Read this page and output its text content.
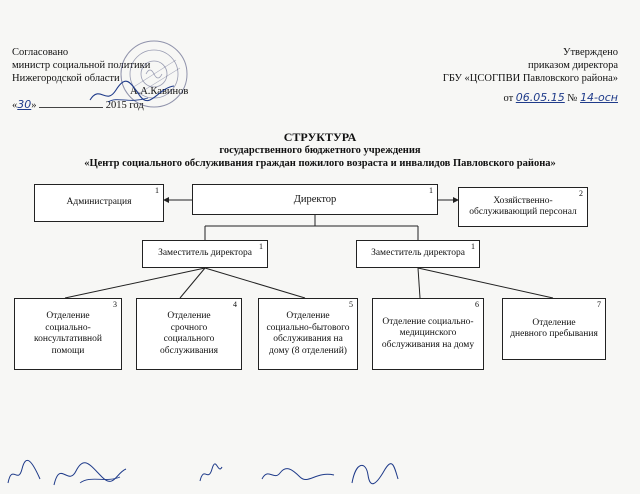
Согласовано
министр социальной политики
Нижегородской области
А.А.Кавинов
«30»	2015 год
Утверждено
приказом директора
ГБУ «ЦСОГПВИ Павловского района»
от 06.05.15 № 14-осн
СТРУКТУРА
государственного бюджетного учреждения
«Центр социального обслуживания граждан пожилого возраста и инвалидов Павловского района»
1
Администрация
1
Директор
2
Хозяйственно-
обслуживающий персонал
1
Заместитель директора
1
Заместитель директора
3
Отделение
социально-
консультативной
помощи
4
Отделение
срочного
социального
обслуживания
5
Отделение
социально-бытового
обслуживания на
дому (8 отделений)
6
Отделение социально-
медицинского
обслуживания на дому
7
Отделение
дневного пребывания
